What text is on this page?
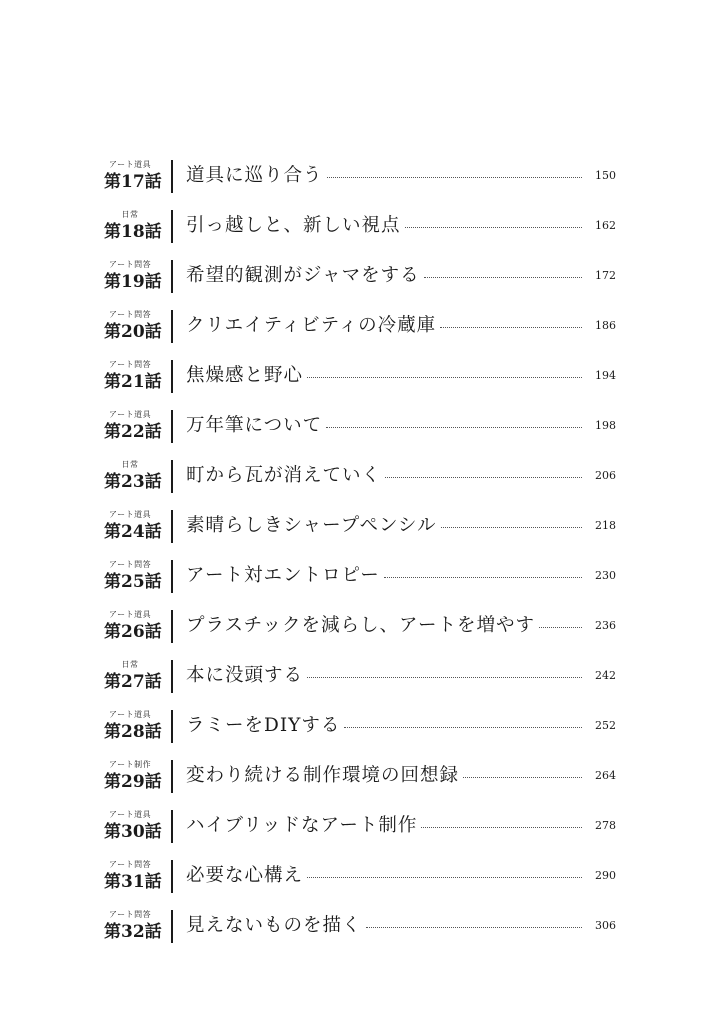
アート道具
第17話 道具に巡り合う	150
日常
第18話 引っ越しと、新しい視点	162
アート問答
第19話 希望的観測がジャマをする	172
アート問答
第20話 クリエイティビティの冷蔵庫	186
アート問答
第21話 焦燥感と野心	194
アート道具
第22話 万年筆について	198
日常
第23話 町から瓦が消えていく	206
アート道具
第24話 素晴らしきシャープペンシル	218
アート問答
第25話 アート対エントロピー	230
アート道具
第26話 プラスチックを減らし、アートを増やす	236
日常
第27話 本に没頭する	242
アート道具
第28話 ラミーをDIYする	252
アート制作
第29話 変わり続ける制作環境の回想録	264
アート道具
第30話 ハイブリッドなアート制作	278
アート問答
第31話 必要な心構え	290
アート問答
第32話 見えないものを描く	306
